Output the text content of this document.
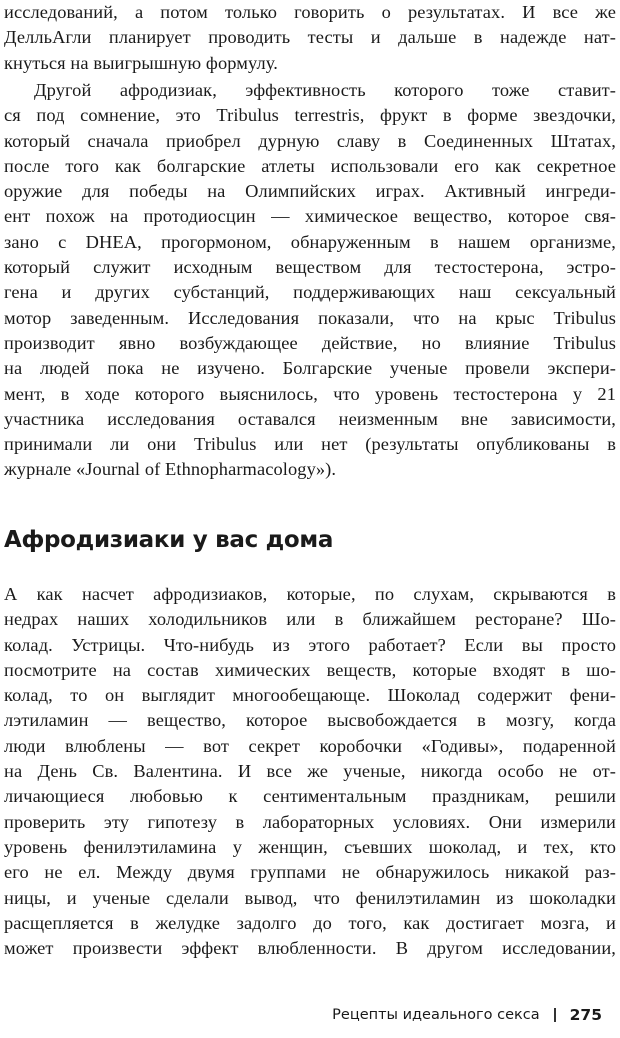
исследований, а потом только говорить о результатах. И все же
ДелльАгли планирует проводить тесты и дальше в надежде нат-
кнуться на выигрышную формулу.
Другой афродизиак, эффективность которого тоже ставит-
ся под сомнение, это Tribulus terrestris, фрукт в форме звездочки,
который сначала приобрел дурную славу в Соединенных Штатах,
после того как болгарские атлеты использовали его как секретное
оружие для победы на Олимпийских играх. Активный ингреди-
ент похож на протодиосцин — химическое вещество, которое свя-
зано с DHEA, прогормоном, обнаруженным в нашем организме,
который служит исходным веществом для тестостерона, эстро-
гена и других субстанций, поддерживающих наш сексуальный
мотор заведенным. Исследования показали, что на крыс Tribulus
производит явно возбуждающее действие, но влияние Tribulus
на людей пока не изучено. Болгарские ученые провели экспери-
мент, в ходе которого выяснилось, что уровень тестостерона у 21
участника исследования оставался неизменным вне зависимости,
принимали ли они Tribulus или нет (результаты опубликованы в
журнале «Journal of Ethnopharmacology»).
Афродизиаки у вас дома
А как насчет афродизиаков, которые, по слухам, скрываются в
недрах наших холодильников или в ближайшем ресторане? Шо-
колад. Устрицы. Что-нибудь из этого работает? Если вы просто
посмотрите на состав химических веществ, которые входят в шо-
колад, то он выглядит многообещающе. Шоколад содержит фени-
лэтиламин — вещество, которое высвобождается в мозгу, когда
люди влюблены — вот секрет коробочки «Годивы», подаренной
на День Св. Валентина. И все же ученые, никогда особо не от-
личающиеся любовью к сентиментальным праздникам, решили
проверить эту гипотезу в лабораторных условиях. Они измерили
уровень фенилэтиламина у женщин, съевших шоколад, и тех, кто
его не ел. Между двумя группами не обнаружилось никакой раз-
ницы, и ученые сделали вывод, что фенилэтиламин из шоколадки
расщепляется в желудке задолго до того, как достигает мозга, и
может произвести эффект влюбленности. В другом исследовании,
Рецепты идеального секса 275
